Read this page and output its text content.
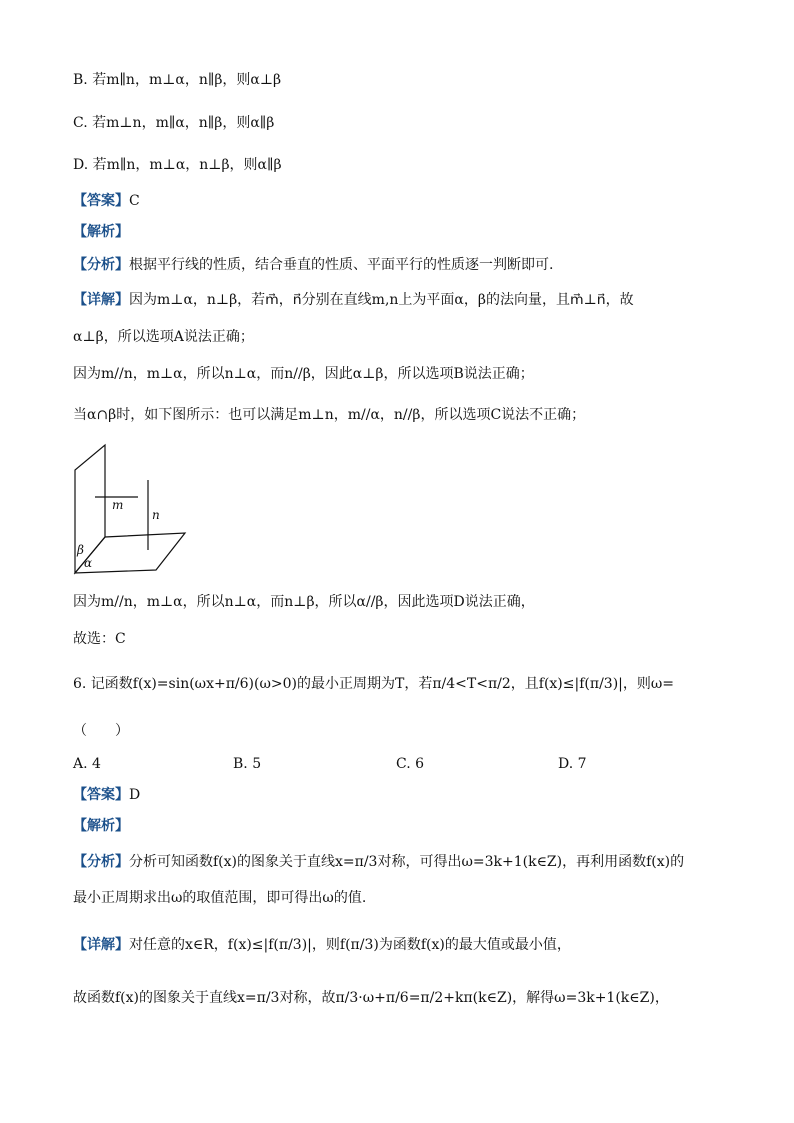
B. 若m∥n，m⊥α，n∥β，则α⊥β
C. 若m⊥n，m∥α，n∥β，则α∥β
D. 若m∥n，m⊥α，n⊥β，则α∥β
【答案】C
【解析】
【分析】根据平行线的性质，结合垂直的性质、平面平行的性质逐一判断即可.
【详解】因为m⊥α，n⊥β，若m⃗，n⃗分别在直线m,n上为平面α，β的法向量，且m⃗⊥n⃗，故
α⊥β，所以选项A说法正确；
因为m//n，m⊥α，所以n⊥α，而n//β，因此α⊥β，所以选项B说法正确；
当α∩β时，如下图所示：也可以满足m⊥n，m//α，n//β，所以选项C说法不正确；
m
n
β
α
因为m//n，m⊥α，所以n⊥α，而n⊥β，所以α//β，因此选项D说法正确，
故选：C
6. 记函数f(x)=sin(ωx+π/6)(ω>0)的最小正周期为T，若π/4<T<π/2，且f(x)≤|f(π/3)|，则ω=
（　　）
A. 4	B. 5	C. 6	D. 7
【答案】D
【解析】
【分析】分析可知函数f(x)的图象关于直线x=π/3对称，可得出ω=3k+1(k∈Z)，再利用函数f(x)的
最小正周期求出ω的取值范围，即可得出ω的值.
【详解】对任意的x∈R，f(x)≤|f(π/3)|，则f(π/3)为函数f(x)的最大值或最小值，
故函数f(x)的图象关于直线x=π/3对称，故π/3·ω+π/6=π/2+kπ(k∈Z)，解得ω=3k+1(k∈Z)，
